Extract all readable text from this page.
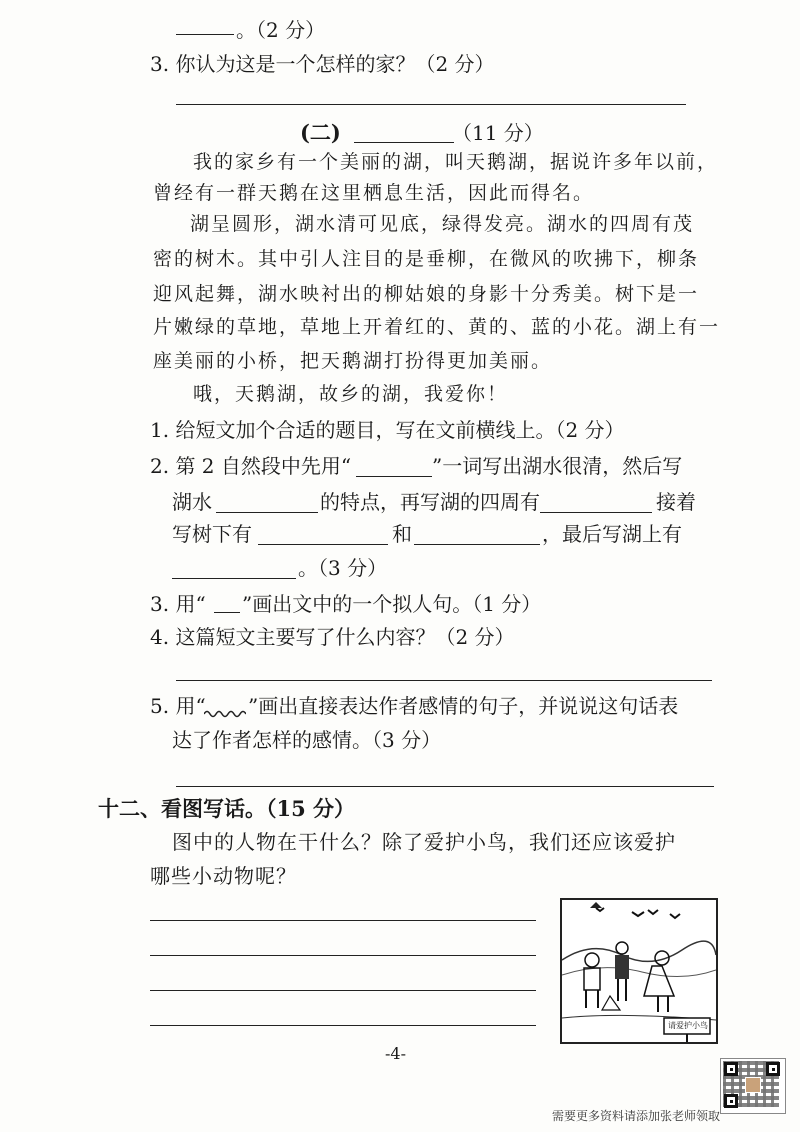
。（2 分）
3. 你认为这是一个怎样的家？（2 分）
(二)	（11 分）
我的家乡有一个美丽的湖，叫天鹅湖，据说许多年以前，
曾经有一群天鹅在这里栖息生活，因此而得名。
湖呈圆形，湖水清可见底，绿得发亮。湖水的四周有茂
密的树木。其中引人注目的是垂柳，在微风的吹拂下，柳条
迎风起舞，湖水映衬出的柳姑娘的身影十分秀美。树下是一
片嫩绿的草地，草地上开着红的、黄的、蓝的小花。湖上有一
座美丽的小桥，把天鹅湖打扮得更加美丽。
哦，天鹅湖，故乡的湖，我爱你！
1. 给短文加个合适的题目，写在文前横线上。（2 分）
2. 第 2 自然段中先用“	”一词写出湖水很清，然后写
湖水	的特点，再写湖的四周有	接着
写树下有	和	，最后写湖上有
。（3 分）
3. 用“ ”画出文中的一个拟人句。（1 分）
4. 这篇短文主要写了什么内容？（2 分）
5. 用“ ”画出直接表达作者感情的句子，并说说这句话表
达了作者怎样的感情。（3 分）
十二、看图写话。（15 分）
图中的人物在干什么？除了爱护小鸟，我们还应该爱护
哪些小动物呢？
请爱护小鸟
-4-
需要更多资料请添加张老师领取
